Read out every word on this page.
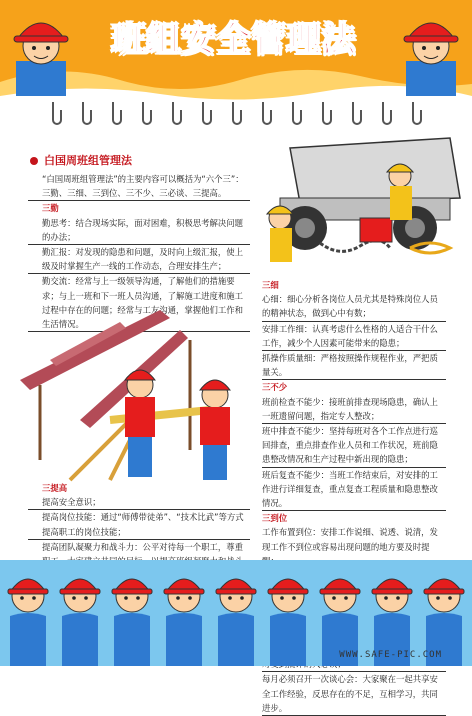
班组安全管理法
白国周班组管理法
“白国周班组管理法”的主要内容可以概括为“六个三”：三勤、三细、三到位、三不少、三必谈、三提高。
三勤
勤思考：结合现场实际，面对困难，积极思考解决问题的办法；
勤汇报：对发现的隐患和问题，及时向上级汇报，使上级及时掌握生产一线的工作动态，合理安排生产；
勤交流：经常与上一级领导沟通，了解他们的措施要求；与上一班和下一班人员沟通，了解施工进度和施工过程中存在的问题；经常与工友沟通，掌握他们工作和生活情况。
三提高
提高安全意识；
提高岗位技能：通过“师傅带徒弟”、“技术比武”等方式提高职工的岗位技能；
提高团队凝聚力和战斗力：公平对待每一个职工，尊重
三细
心细：细心分析各岗位人员尤其是特殊岗位人员的精神状态，做到心中有数；
安排工作细：认真考虑什么性格的人适合干什么工作，减少个人因素可能带来的隐患；
抓操作质量细：严格按照操作规程作业，严把质量关。
三不少
班前检查不能少：接班前排查现场隐患，确认上一班遗留问题，指定专人整改；
班中排查不能少：坚持每班对各个工作点进行巡回排查，重点排查作业人员和工作状况，班前隐患整改情况和生产过程中新出现的隐患；
班后复查不能少：当班工作结束后，对安排的工作进行详细复查，重点复查工程质量和隐患整改情况。
三到位
工作布置到位：安排工作说细、说透、说清，发现工作不到位或容易出现问题的地方要及时提
每月必须召开一次谈心会：大家聚在一起共享安全工作经验，反思存在的不足，互相学习，共同进步。
WWW.SAFE-PIC.COM
